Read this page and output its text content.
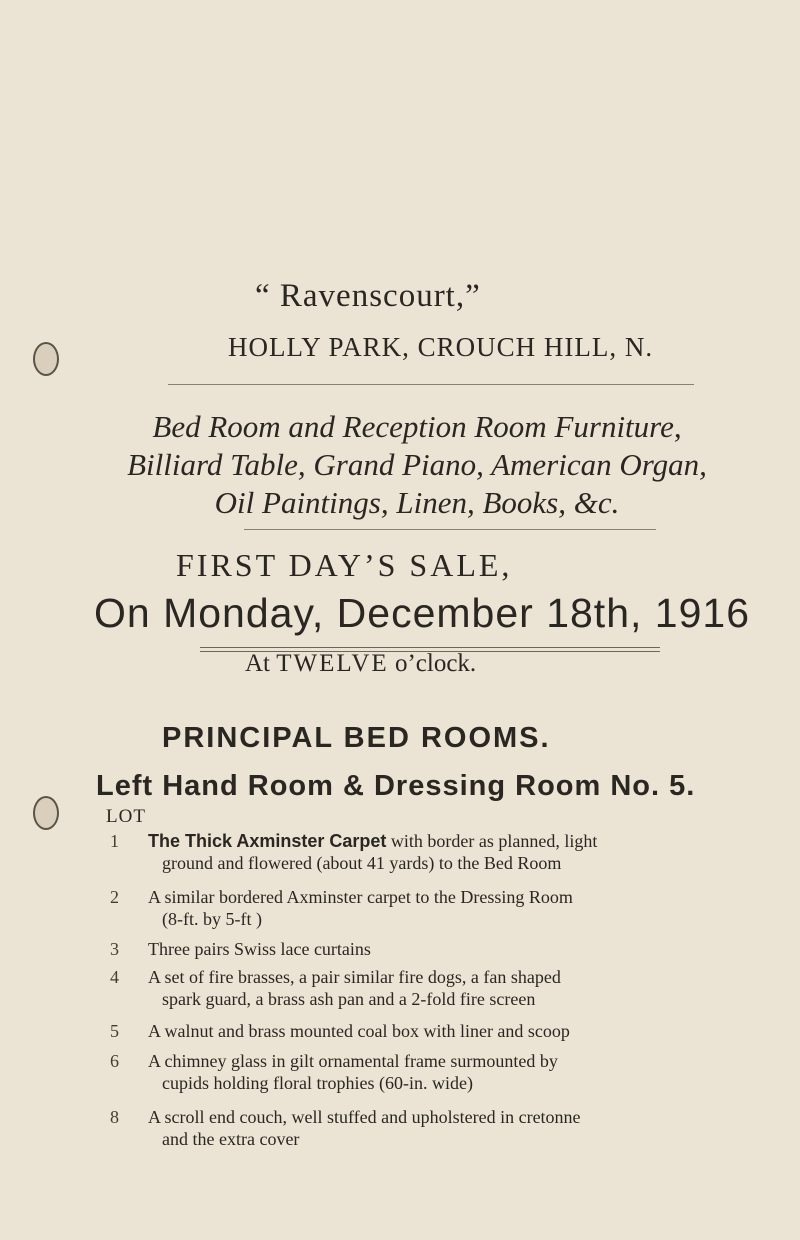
“ Ravenscourt,”
HOLLY PARK, CROUCH HILL, N.
Bed Room and Reception Room Furniture, Billiard Table, Grand Piano, American Organ, Oil Paintings, Linen, Books, &c.
FIRST DAY’S SALE,
On Monday, December 18th, 1916
At TWELVE o’clock.
PRINCIPAL BED ROOMS.
Left Hand Room & Dressing Room No. 5.
LOT
1	The Thick Axminster Carpet with border as planned, light
ground and flowered (about 41 yards) to the Bed Room
2	A similar bordered Axminster carpet to the Dressing Room
(8-ft. by 5-ft )
3	Three pairs Swiss lace curtains
4	A set of fire brasses, a pair similar fire dogs, a fan shaped
spark guard, a brass ash pan and a 2-fold fire screen
5	A walnut and brass mounted coal box with liner and scoop
6	A chimney glass in gilt ornamental frame surmounted by
cupids holding floral trophies (60-in. wide)
8	A scroll end couch, well stuffed and upholstered in cretonne
and the extra cover
